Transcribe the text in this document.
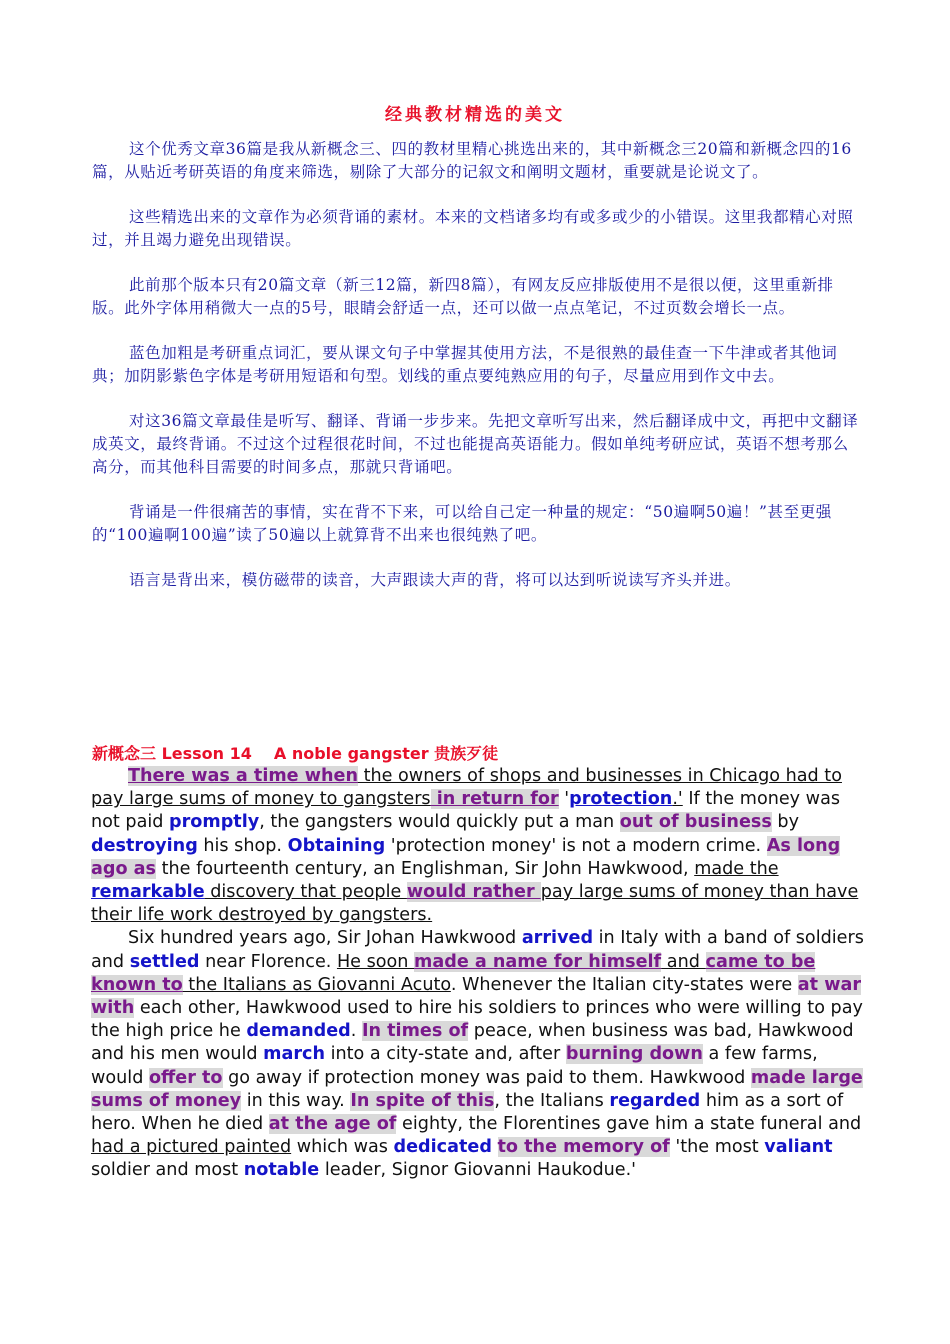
经典教材精选的美文

这个优秀文章36篇是我从新概念三、四的教材里精心挑选出来的，其中新概念三20篇和新概念四的16篇，从贴近考研英语的角度来筛选，剔除了大部分的记叙文和阐明文题材，重要就是论说文了。

这些精选出来的文章作为必须背诵的素材。本来的文档诸多均有或多或少的小错误。这里我都精心对照过，并且竭力避免出现错误。

此前那个版本只有20篇文章（新三12篇，新四8篇），有网友反应排版使用不是很以便，这里重新排版。此外字体用稍微大一点的5号，眼睛会舒适一点，还可以做一点点笔记，不过页数会增长一点。

蓝色加粗是考研重点词汇，要从课文句子中掌握其使用方法，不是很熟的最佳查一下牛津或者其他词典；加阴影紫色字体是考研用短语和句型。划线的重点要纯熟应用的句子，尽量应用到作文中去。

对这36篇文章最佳是听写、翻译、背诵一步步来。先把文章听写出来，然后翻译成中文，再把中文翻译成英文，最终背诵。不过这个过程很花时间，不过也能提高英语能力。假如单纯考研应试，英语不想考那么高分，而其他科目需要的时间多点，那就只背诵吧。

背诵是一件很痛苦的事情，实在背不下来，可以给自己定一种量的规定：“50遍啊50遍！”甚至更强的“100遍啊100遍”读了50遍以上就算背不出来也很纯熟了吧。

语言是背出来，模仿磁带的读音，大声跟读大声的背，将可以达到听说读写齐头并进。

新概念三 Lesson 14 A noble gangster 贵族歹徒

There was a time when the owners of shops and businesses in Chicago had to pay large sums of money to gangsters in return for 'protection.' If the money was not paid promptly, the gangsters would quickly put a man out of business by destroying his shop. Obtaining 'protection money' is not a modern crime. As long ago as the fourteenth century, an Englishman, Sir John Hawkwood, made the remarkable discovery that people would rather pay large sums of money than have their life work destroyed by gangsters.

Six hundred years ago, Sir Johan Hawkwood arrived in Italy with a band of soldiers and settled near Florence. He soon made a name for himself and came to be known to the Italians as Giovanni Acuto. Whenever the Italian city-states were at war with each other, Hawkwood used to hire his soldiers to princes who were willing to pay the high price he demanded. In times of peace, when business was bad, Hawkwood and his men would march into a city-state and, after burning down a few farms, would offer to go away if protection money was paid to them. Hawkwood made large sums of money in this way. In spite of this, the Italians regarded him as a sort of hero. When he died at the age of eighty, the Florentines gave him a state funeral and had a pictured painted which was dedicated to the memory of 'the most valiant soldier and most notable leader, Signor Giovanni Haukodue.'
